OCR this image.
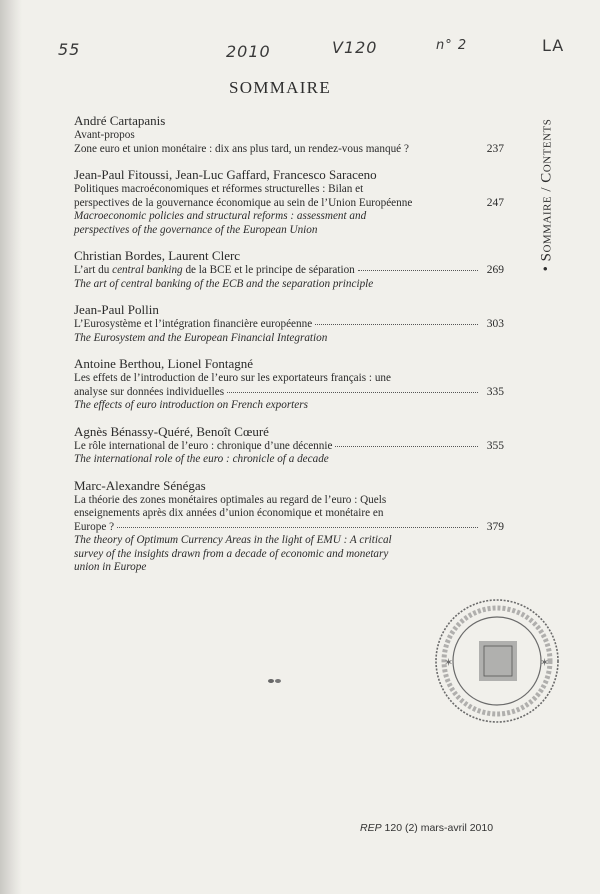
55	2010	V120	n° 2	LA
SOMMAIRE
• Sommaire / Contents
André Cartapanis
Avant-propos
Zone euro et union monétaire : dix ans plus tard, un rendez-vous manqué ?	237
Jean-Paul Fitoussi, Jean-Luc Gaffard, Francesco Saraceno
Politiques macroéconomiques et réformes structurelles : Bilan et
perspectives de la gouvernance économique au sein de l’Union Européenne	247
Macroeconomic policies and structural reforms : assessment and
perspectives of the governance of the European Union
Christian Bordes, Laurent Clerc
L’art du central banking de la BCE et le principe de séparation	269
The art of central banking of the ECB and the separation principle
Jean-Paul Pollin
L’Eurosystème et l’intégration financière européenne	303
The Eurosystem and the European Financial Integration
Antoine Berthou, Lionel Fontagné
Les effets de l’introduction de l’euro sur les exportateurs français : une
analyse sur données individuelles	335
The effects of euro introduction on French exporters
Agnès Bénassy-Quéré, Benoît Cœuré
Le rôle international de l’euro : chronique d’une décennie	355
The international role of the euro : chronicle of a decade
Marc-Alexandre Sénégas
La théorie des zones monétaires optimales au regard de l’euro : Quels
enseignements après dix années d’union économique et monétaire en
Europe ?	379
The theory of Optimum Currency Areas in the light of EMU : A critical
survey of the insights drawn from a decade of economic and monetary
union in Europe
✶	✶
REP 120 (2) mars-avril 2010
